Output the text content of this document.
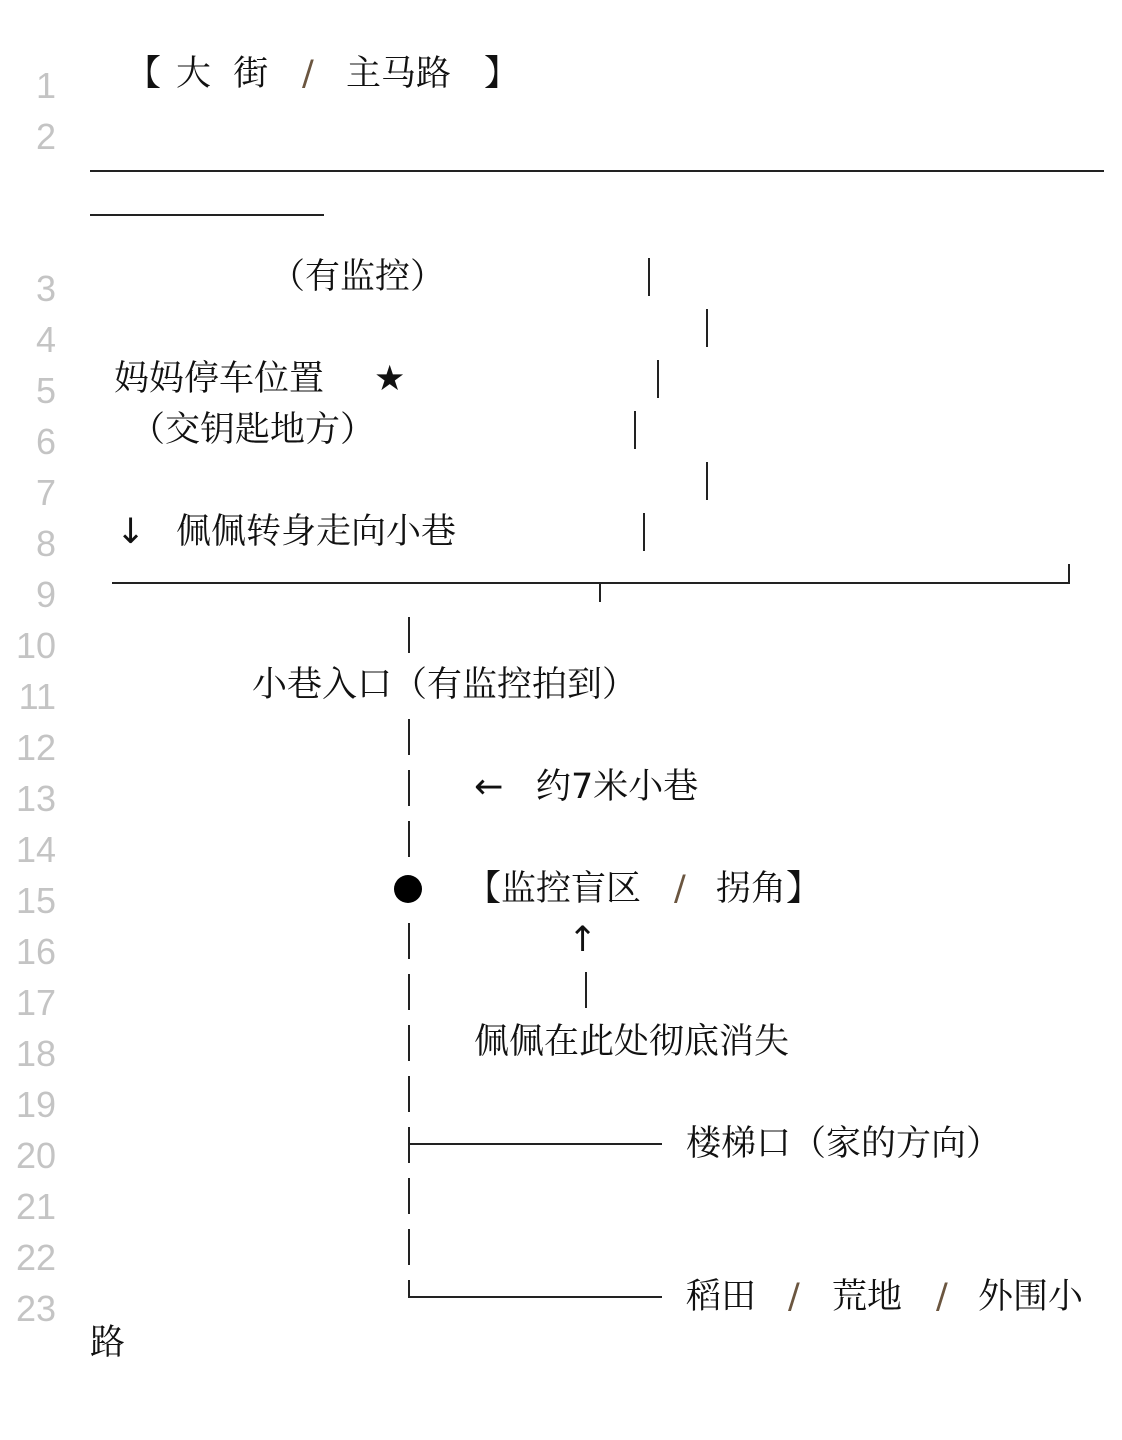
1
2
3
4
5
6
7
8
9
10
11
12
13
14
15
16
17
18
19
20
21
22
23
【 大  街 / 主马路 】
（有监控）
妈妈停车位置 ★
（交钥匙地方）
↓ 佩佩转身走向小巷
小巷入口（有监控拍到）
← 约7米小巷
【监控盲区 / 拐角】
↑
佩佩在此处彻底消失
楼梯口（家的方向）
稻田 / 荒地 / 外围小
路
